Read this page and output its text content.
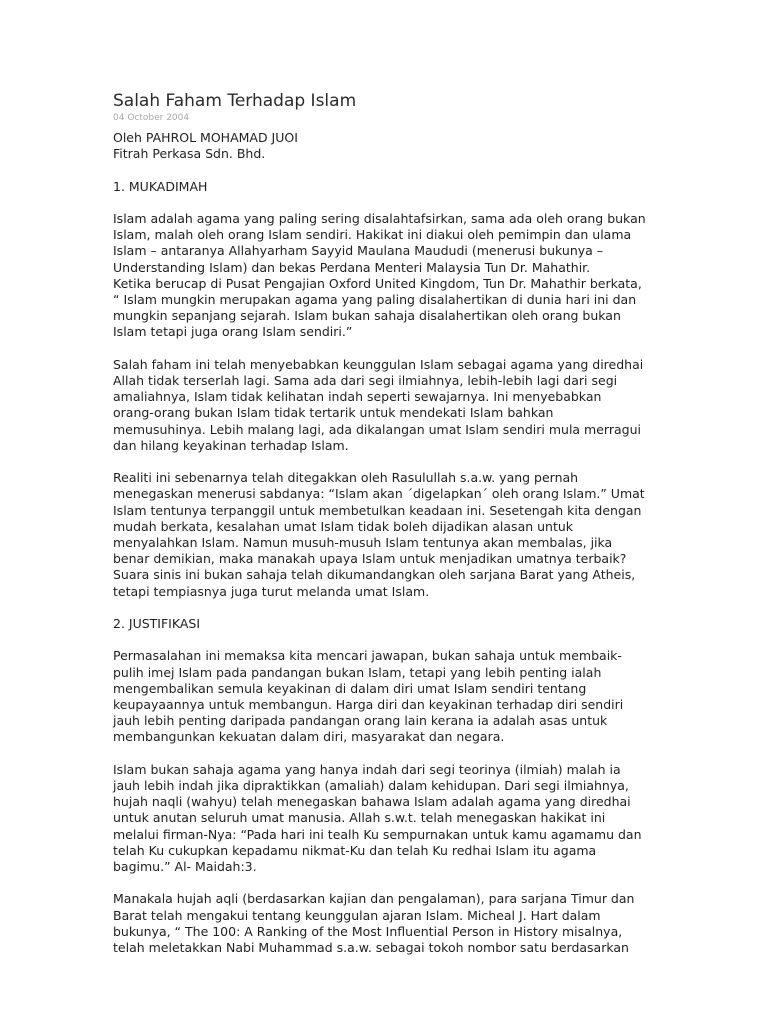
Salah Faham Terhadap Islam
04 October 2004
Oleh PAHROL MOHAMAD JUOI
Fitrah Perkasa Sdn. Bhd.
1. MUKADIMAH
Islam adalah agama yang paling sering disalahtafsirkan, sama ada oleh orang bukan
Islam, malah oleh orang Islam sendiri. Hakikat ini diakui oleh pemimpin dan ulama
Islam – antaranya Allahyarham Sayyid Maulana Maududi (menerusi bukunya –
Understanding Islam) dan bekas Perdana Menteri Malaysia Tun Dr. Mahathir.
Ketika berucap di Pusat Pengajian Oxford United Kingdom, Tun Dr. Mahathir berkata,
“ Islam mungkin merupakan agama yang paling disalahertikan di dunia hari ini dan
mungkin sepanjang sejarah. Islam bukan sahaja disalahertikan oleh orang bukan
Islam tetapi juga orang Islam sendiri.”
Salah faham ini telah menyebabkan keunggulan Islam sebagai agama yang diredhai
Allah tidak terserlah lagi. Sama ada dari segi ilmiahnya, lebih-lebih lagi dari segi
amaliahnya, Islam tidak kelihatan indah seperti sewajarnya. Ini menyebabkan
orang-orang bukan Islam tidak tertarik untuk mendekati Islam bahkan
memusuhinya. Lebih malang lagi, ada dikalangan umat Islam sendiri mula merragui
dan hilang keyakinan terhadap Islam.
Realiti ini sebenarnya telah ditegakkan oleh Rasulullah s.a.w. yang pernah
menegaskan menerusi sabdanya: “Islam akan ´digelapkan´ oleh orang Islam.” Umat
Islam tentunya terpanggil untuk membetulkan keadaan ini. Sesetengah kita dengan
mudah berkata, kesalahan umat Islam tidak boleh dijadikan alasan untuk
menyalahkan Islam. Namun musuh-musuh Islam tentunya akan membalas, jika
benar demikian, maka manakah upaya Islam untuk menjadikan umatnya terbaik?
Suara sinis ini bukan sahaja telah dikumandangkan oleh sarjana Barat yang Atheis,
tetapi tempiasnya juga turut melanda umat Islam.
2. JUSTIFIKASI
Permasalahan ini memaksa kita mencari jawapan, bukan sahaja untuk membaik-
pulih imej Islam pada pandangan bukan Islam, tetapi yang lebih penting ialah
mengembalikan semula keyakinan di dalam diri umat Islam sendiri tentang
keupayaannya untuk membangun. Harga diri dan keyakinan terhadap diri sendiri
jauh lebih penting daripada pandangan orang lain kerana ia adalah asas untuk
membangunkan kekuatan dalam diri, masyarakat dan negara.
Islam bukan sahaja agama yang hanya indah dari segi teorinya (ilmiah) malah ia
jauh lebih indah jika dipraktikkan (amaliah) dalam kehidupan. Dari segi ilmiahnya,
hujah naqli (wahyu) telah menegaskan bahawa Islam adalah agama yang diredhai
untuk anutan seluruh umat manusia. Allah s.w.t. telah menegaskan hakikat ini
melalui firman-Nya: “Pada hari ini tealh Ku sempurnakan untuk kamu agamamu dan
telah Ku cukupkan kepadamu nikmat-Ku dan telah Ku redhai Islam itu agama
bagimu.” Al- Maidah:3.
Manakala hujah aqli (berdasarkan kajian dan pengalaman), para sarjana Timur dan
Barat telah mengakui tentang keunggulan ajaran Islam. Micheal J. Hart dalam
bukunya, “ The 100: A Ranking of the Most Influential Person in History misalnya,
telah meletakkan Nabi Muhammad s.a.w. sebagai tokoh nombor satu berdasarkan
